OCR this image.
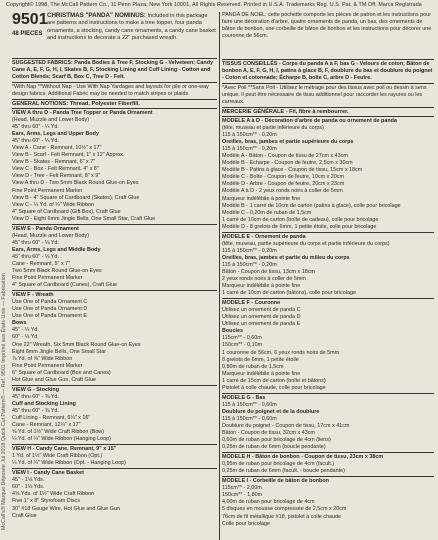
Copyright© 1998, The McCall Pattern Co., 11 Penn Plaza, New York 10001, All Rights Reserved. Printed in U.S.A. Trademarks Reg. U.S. Pat. & TM Off. Marca Registrada
McCall's® Marque Déposée Jul 2018 Quick Cut Pattern® — Ref. 9501 Imprimé aux États-Unis — Fabrication
9501
48 PIECES
CHRISTMAS "PANDA" NOMINUS: Included in this package are patterns and instructions to make a tree topper, four panda ornaments, a stocking, candy cane ornaments, a candy cane basket and instructions to decorate a 22" purchased wreath.
SUGGESTED FABRICS: Panda Bodies & Tree F, Stocking G - Velveteen; Candy Cane A, E, F, G, H, I, Skates B, F, Stocking Lining and Cuff Lining - Cotton and Cotton Blends; Scarf B, Box C, Tree D - Felt.
*With Nap **Without Nap - Use With Nap Yardages and layouts for pile or one-way design fabrics. Additional Fabric may be needed to match stripes or plaids.
GENERAL NOTIONS: Thread, Polyester Fiberfill.
VIEW A thru D - Panda Tree Topper or Panda Ornament
(Head, Muzzle and Lower Body)
45" thru 60" - ¼ Yd.
Ears, Arms, Legs and Upper Body
45" thru 60" - ¼ Yd.
View A - Cane - Remnant, 10½" x 17"
View B - Scarf - Felt Remnant, 1" x 12" Approx.
View B - Skates - Remnant, 6" x 7"
View C - Box - Felt Remnant, 4" x 8"
View D - Tree - Felt Remnant, 8" x 9"
View A thru D - Two 5mm Black Round Glue-on Eyes
Fine Point Permanent Marker
View B - 4" Square of Cardboard (Skates), Craft Glue
View C - ¼ Yd. of ¼" Wide Ribbon
4" Square of Cardboard (Gift Box), Craft Glue
View D - Eight 6mm Jingle Bells, One Small Star, Craft Glue
VIEW E - Panda Ornament
(Head, Muzzle and Lower Body)
45" thru 60" - ⅛ Yd.
Ears, Arms, Legs and Middle Body
45" thru 60" - ⅛ Yd.
Cane - Remnant, 5" x 7"
Two 5mm Black Round Glue-on Eyes
Fine Point Permanent Marker
4" Square of Cardboard (Canes), Craft Glue
VIEW F - Wreath
Use One of Panda Ornament C
Use One of Panda Ornament D
Use One of Panda Ornament E
Bows
45" - ¼ Yd.
60" - ⅛ Yd.
One 22" Wreath, Six 5mm Black Round Glue-on Eyes
Eight 6mm Jingle Bells, One Small Star
⅞ Yd. of ⅝" Wide Ribbon
Fine Point Permanent Marker
6" Square of Cardboard (Box and Canes)
Hot Glue and Glue Gun, Craft Glue
VIEW G - Stocking
45" thru 60" - ⅜ Yd.
Cuff and Stocking Lining
45" thru 60" - ⅜ Yd.
Cuff Lining - Remnant, 6¼" x 16"
Cane - Remnant, 12¼" x 17"
⅝ Yd. of 1½" Wide Craft Ribbon (Bow)
¼ Yd. of ¼" Wide Ribbon (Hanging Loop)
VIEW H - Candy Cane, Remnant, 9" x 15"
1 Yd. of 1½" Wide Craft Ribbon (Opt.)
¼ Yd. of ¼" Wide Ribbon (Opt. - Hanging Loop)
VIEW I - Candy Cane Basket
45" - 1⅛ Yds.
60" - 1⅛ Yds.
4⅝ Yds. of 1½" Wide Craft Ribbon
Five 1" x 8" Styrofoam Discs
30" #18 Gauge Wire, Hot Glue and Glue Gun
Craft Glue
PANDA DE NOËL: cette pochette comporte les pièces de patron et les instructions pour faire une décoration d'arbre, quatre ornements de panda, un bas, des ornements de bâton de bonbon, une corbeille de bâton de bonbon et les instructions pour décorer une couronne de 56cm.
TISSUS CONSEILLÉS - Corps du panda A à F, bas G - Velours de coton; Bâton de bonbon A, E, F, G, H, I, patins à glace B, F, doublure du bas et doublure du poignet - Coton et cotonnade; Écharpe B, boîte C, arbre D - Feutre.
*Avec Poil **Sans Poil - Utilisez le métrage pour des tissus avec poil ou dessin à sens unique. Il peut être nécessaire de tissu additionnel pour raccorder les rayures ou les carreaux.
MERCERIE GÉNÉRALE - Fil, fibre à rembourrer.
MODÈLE A à D - Décoration d'arbre de panda ou ornement de panda
(tête, museau et partie inférieure du corps)
115 à 150cm** - 0,20m
Oreilles, bras, jambes et partie supérieure du corps
115 à 150cm** - 0,20m
Modèle A - Bâton - Coupon de tissu de 27cm x 43cm
Modèle B - Écharpe - Coupon de feutre, 2,5cm x 30cm
Modèle B - Patins à glace - Coupon de tissu, 15cm x 18cm
Modèle C - Boîte - Coupon de feutre, 10cm x 20cm
Modèle D - Arbre - Coupon de feutre, 20cm x 23cm
Modèle A à D - 2 yeux ronds noirs à coller de 5mm
Marqueur indélébile à pointe fine
Modèle B - 1 carré de 10cm de carton (patins à glace), colle pour bricolage
Modèle C - 0,20m de ruban de 1,5cm
1 carré de 10cm de carton (boîte de cadeau), colle pour bricolage
Modèle D - 8 grelots de 6mm, 1 petite étoile, colle pour bricolage
MODÈLE E - Ornement de panda
(tête, museau, partie supérieure du corps et partie inférieure du corps)
115 à 150cm** - 0,20m
Oreilles, bras, jambes et partie du milieu du corps
115 à 150cm** - 0,20m
Bâton - Coupon de tissu, 13cm x 18cm
2 yeux ronds noirs à coller de 5mm
Marqueur indélébile à pointe fine
1 carré de 10cm de carton (bâtons), colle pour bricolage
MODÈLE F - Couronne
Utilisez un ornement de panda C
Utilisez un ornement de panda D
Utilisez un ornement de panda E
Boucles
115cm** - 0,60m
150cm** - 0,10m
1 couronne de 56cm, 6 yeux ronds noirs de 5mm
8 grelots de 6mm, 1 petite étoile
0,80m de ruban de 1,5cm
Marqueur indélébile à pointe fine
1 carré de 15cm de carton (boîte et bâtons)
Pistolet à colle chaude, colle pour bricolage
MODÈLE G - Bas
115 à 150cm** - 0,60m
Doublure du poignet et de la doublure
115 à 150cm** - 0,60m
Doublure du poignet - Coupon de tissu, 17cm x 41cm
Bâton - Coupon de tissu, 32cm x 43cm
0,60m de ruban pour bricolage de 4cm (liens)
0,25m de ruban de 6mm (boucle pendante)
MODÈLE H - Bâton de bonbon - Coupon de tissu, 23cm x 38cm
0,95m de ruban pour bricolage de 4cm (facult.)
0,25m de ruban de 6mm (facult. - boucle pendante)
MODÈLE I - Corbeille de bâton de bonbon
115cm** - 2,00m
150cm** - 1,80m
4,00m de ruban pour bricolage de 4cm
5 disques en mousse compressée de 2,5cm x 20cm
76cm de fil métallique #18, pistolet à colle chaude
Colle pour bricolage
